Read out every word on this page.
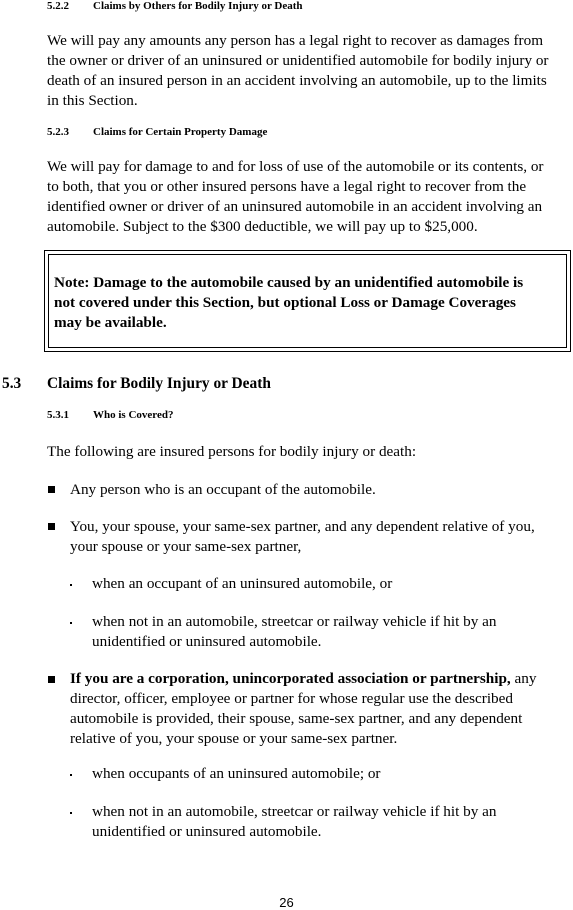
5.2.2 Claims by Others for Bodily Injury or Death
We will pay any amounts any person has a legal right to recover as damages from
the owner or driver of an uninsured or unidentified automobile for bodily injury or
death of an insured person in an accident involving an automobile, up to the limits
in this Section.
5.2.3 Claims for Certain Property Damage
We will pay for damage to and for loss of use of the automobile or its contents, or
to both, that you or other insured persons have a legal right to recover from the
identified owner or driver of an uninsured automobile in an accident involving an
automobile. Subject to the $300 deductible, we will pay up to $25,000.
Note: Damage to the automobile caused by an unidentified automobile is
not covered under this Section, but optional Loss or Damage Coverages
may be available.
5.3 Claims for Bodily Injury or Death
5.3.1 Who is Covered?
The following are insured persons for bodily injury or death:
Any person who is an occupant of the automobile.
You, your spouse, your same-sex partner, and any dependent relative of you,
your spouse or your same-sex partner,
when an occupant of an uninsured automobile, or
when not in an automobile, streetcar or railway vehicle if hit by an
unidentified or uninsured automobile.
If you are a corporation, unincorporated association or partnership, any
director, officer, employee or partner for whose regular use the described
automobile is provided, their spouse, same-sex partner, and any dependent
relative of you, your spouse or your same-sex partner.
when occupants of an uninsured automobile; or
when not in an automobile, streetcar or railway vehicle if hit by an
unidentified or uninsured automobile.
26
